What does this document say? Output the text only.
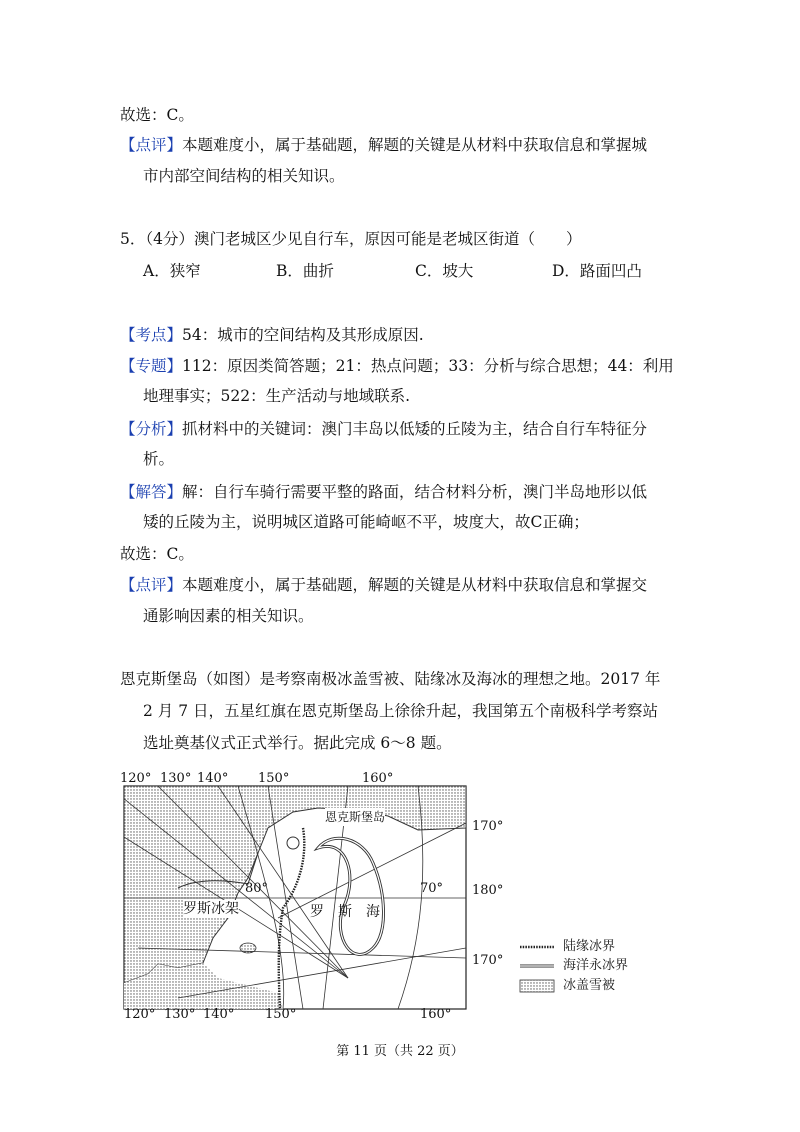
故选：C。
【点评】本题难度小，属于基础题，解题的关键是从材料中获取信息和掌握城
市内部空间结构的相关知识。
5．（4分）澳门老城区少见自行车，原因可能是老城区街道（　　）
A．狭窄	B．曲折	C．坡大	D．路面凹凸
【考点】54：城市的空间结构及其形成原因.
【专题】112：原因类简答题；21：热点问题；33：分析与综合思想；44：利用
地理事实；522：生产活动与地域联系.
【分析】抓材料中的关键词：澳门丰岛以低矮的丘陵为主，结合自行车特征分
析。
【解答】解：自行车骑行需要平整的路面，结合材料分析，澳门半岛地形以低
矮的丘陵为主，说明城区道路可能崎岖不平，坡度大，故C正确；
故选：C。
【点评】本题难度小，属于基础题，解题的关键是从材料中获取信息和掌握交
通影响因素的相关知识。
恩克斯堡岛（如图）是考察南极冰盖雪被、陆缘冰及海冰的理想之地。2017 年
2 月 7 日，五星红旗在恩克斯堡岛上徐徐升起，我国第五个南极科学考察站
选址奠基仪式正式举行。据此完成 6～8 题。
120° 130° 140° 150°	160°
120° 130° 140° 150°	160°
170°
180°
170°
80°	70°
恩克斯堡岛
罗斯冰架	罗　斯　海
陆缘冰界
海洋永冰界
冰盖雪被
第 11 页（共 22 页）
